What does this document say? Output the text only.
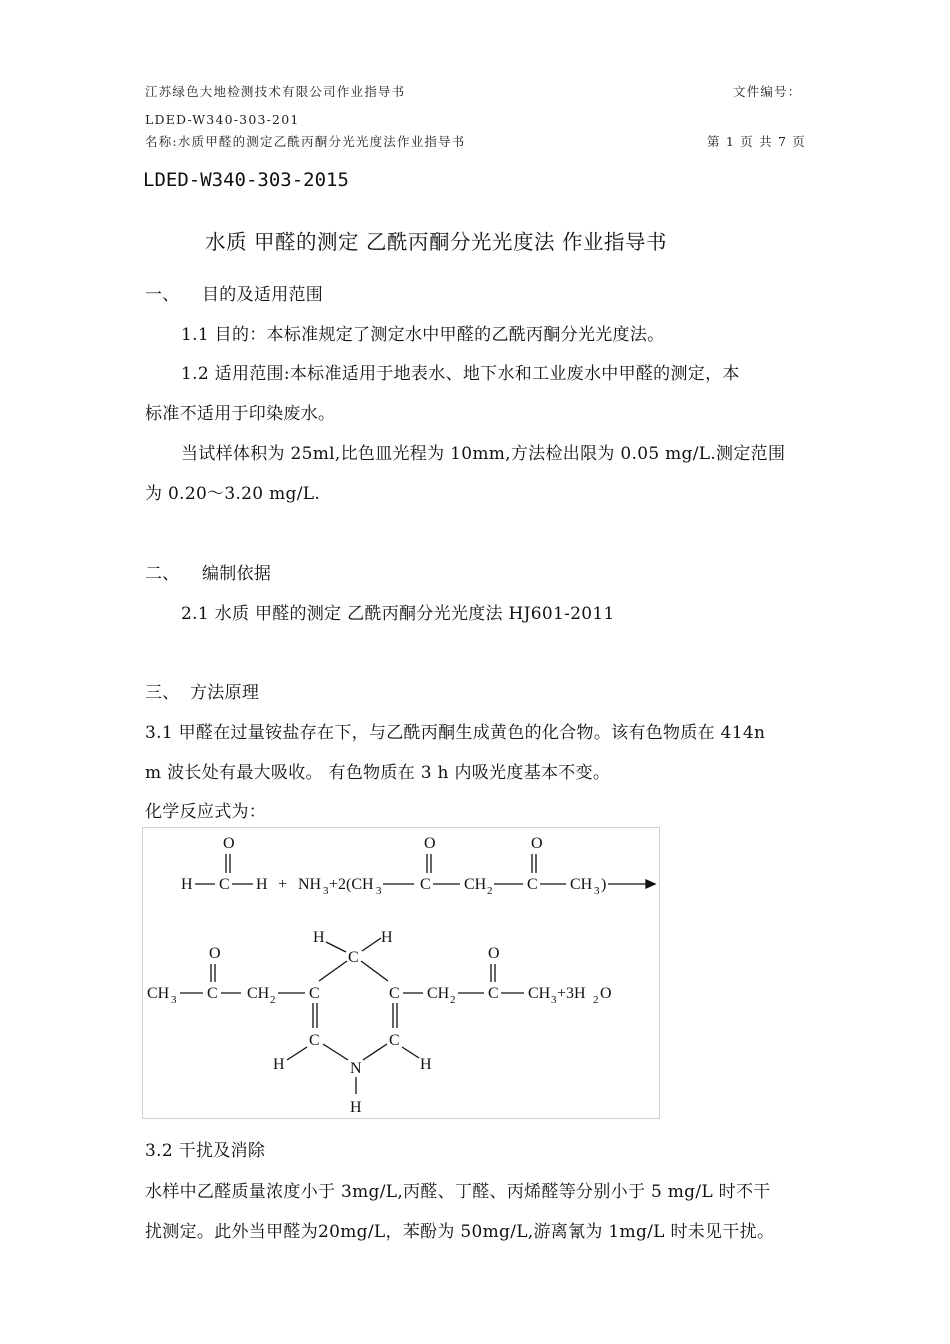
江苏绿色大地检测技术有限公司作业指导书	文件编号：
LDED-W340-303-201
名称:水质甲醛的测定乙酰丙酮分光光度法作业指导书	第 1 页 共 7 页
LDED-W340-303-2015
水质 甲醛的测定 乙酰丙酮分光光度法 作业指导书
一、 目的及适用范围
1.1 目的：本标准规定了测定水中甲醛的乙酰丙酮分光光度法。
1.2 适用范围:本标准适用于地表水、地下水和工业废水中甲醛的测定，本
标准不适用于印染废水。
当试样体积为 25ml,比色皿光程为 10mm,方法检出限为 0.05 mg/L.测定范围
为 0.20～3.20 mg/L.
二、 编制依据
2.1 水质 甲醛的测定 乙酰丙酮分光光度法 HJ601-2011
三、 方法原理
3.1 甲醛在过量铵盐存在下，与乙酰丙酮生成黄色的化合物。该有色物质在 414n
m 波长处有最大吸收。 有色物质在 3 h 内吸光度基本不变。
化学反应式为：
O
H C H + NH 3 +2(CH 3
O
C CH 2
O
C CH 3 )
CH 3
O
C CH 2 C
C
H	H
C
H	N
H
C
C
H
CH 2
O
C CH 3 +3H 2 O
3.2 干扰及消除
水样中乙醛质量浓度小于 3mg/L,丙醛、丁醛、丙烯醛等分别小于 5 mg/L 时不干
扰测定。此外当甲醛为20mg/L，苯酚为 50mg/L,游离氰为 1mg/L 时未见干扰。
